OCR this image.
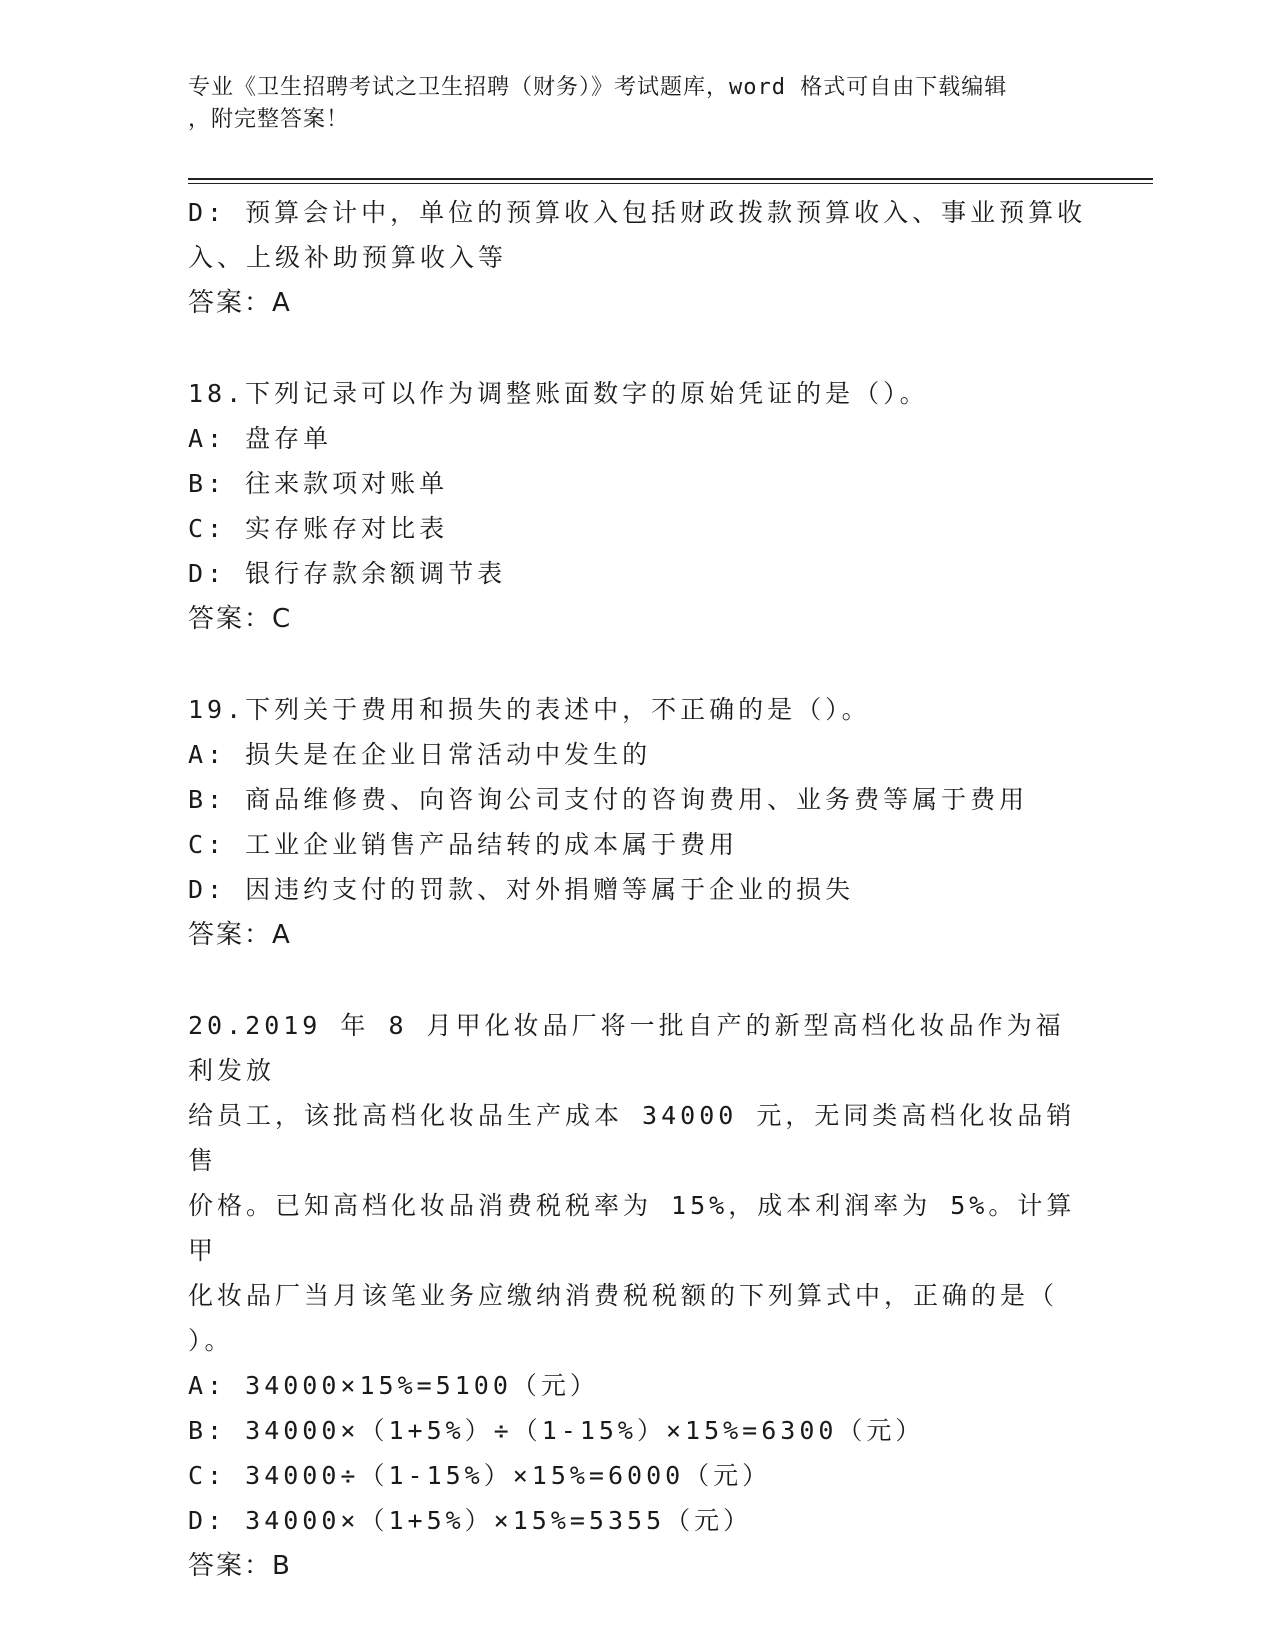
专业《卫生招聘考试之卫生招聘（财务）》考试题库，word 格式可自由下载编辑
，附完整答案！
D: 预算会计中，单位的预算收入包括财政拨款预算收入、事业预算收
入、上级补助预算收入等
答案：A
18.下列记录可以作为调整账面数字的原始凭证的是（）。
A: 盘存单
B: 往来款项对账单
C: 实存账存对比表
D: 银行存款余额调节表
答案：C
19.下列关于费用和损失的表述中，不正确的是（）。
A: 损失是在企业日常活动中发生的
B: 商品维修费、向咨询公司支付的咨询费用、业务费等属于费用
C: 工业企业销售产品结转的成本属于费用
D: 因违约支付的罚款、对外捐赠等属于企业的损失
答案：A
20.2019 年 8 月甲化妆品厂将一批自产的新型高档化妆品作为福利发放
给员工，该批高档化妆品生产成本 34000 元，无同类高档化妆品销售
价格。已知高档化妆品消费税税率为 15%，成本利润率为 5%。计算甲
化妆品厂当月该笔业务应缴纳消费税税额的下列算式中，正确的是（
）。
A: 34000×15%=5100（元）
B: 34000×（1+5%）÷（1-15%）×15%=6300（元）
C: 34000÷（1-15%）×15%=6000（元）
D: 34000×（1+5%）×15%=5355（元）
答案：B
